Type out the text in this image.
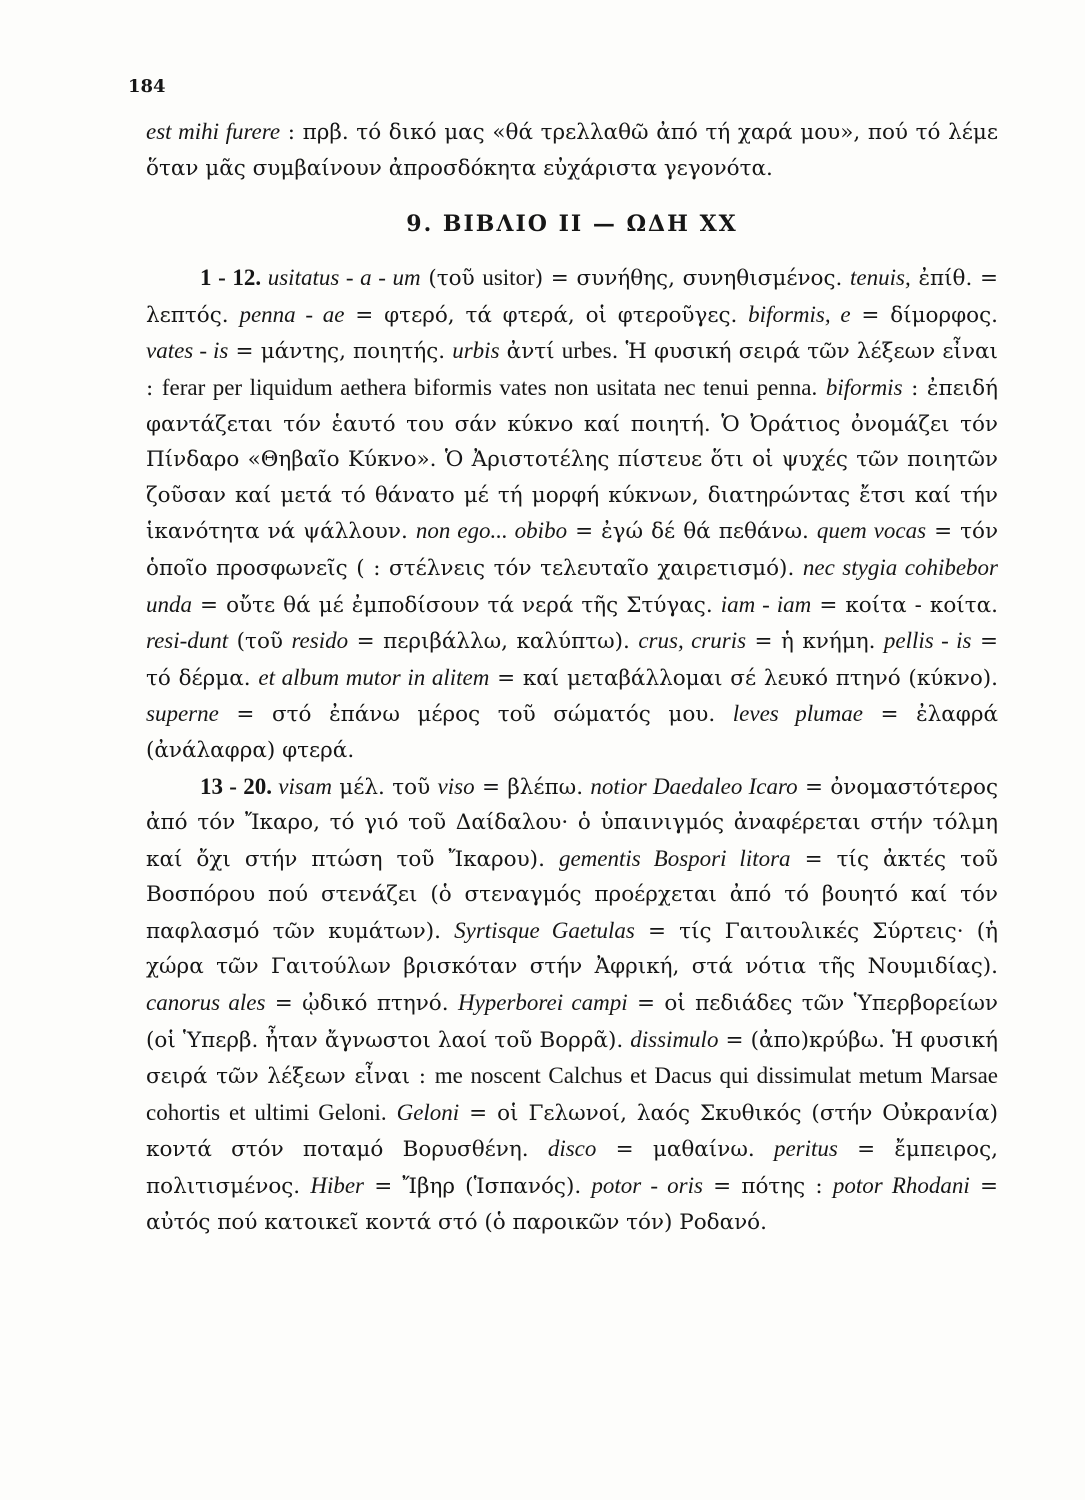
184

est mihi furere : πρβ. τό δικό μας «θά τρελλαθῶ ἀπό τή χαρά μου», πού τό λέμε ὅταν μᾶς συμβαίνουν ἀπροσδόκητα εὐχάριστα γεγονότα.

9. ΒΙΒΛΙΟ ΙΙ — ΩΔΗ ΧΧ

1 - 12. usitatus - a - um (τοῦ usitor) = συνήθης, συνηθισμένος. tenuis, ἐπίθ. = λεπτός. penna - ae = φτερό, τά φτερά, οἱ φτεροῦγες. biformis, e = δίμορφος. vates - is = μάντης, ποιητής. urbis ἀντί urbes. Ἡ φυσική σειρά τῶν λέξεων εἶναι : ferar per liquidum aethera biformis vates non usitata nec tenui penna. biformis : ἐπειδή φαντάζεται τόν ἑαυτό του σάν κύκνο καί ποιητή. Ὁ Ὀράτιος ὀνομάζει τόν Πίνδαρο «Θηβαῖο Κύκνο». Ὁ Ἀριστοτέλης πίστευε ὅτι οἱ ψυχές τῶν ποιητῶν ζοῦσαν καί μετά τό θάνατο μέ τή μορφή κύκνων, διατηρώντας ἔτσι καί τήν ἱκανότητα νά ψάλλουν. non ego... obibo = ἐγώ δέ θά πεθάνω. quem vocas = τόν ὁποῖο προσφωνεῖς ( : στέλνεις τόν τελευταῖο χαιρετισμό). nec stygia cohibebor unda = οὔτε θά μέ ἐμποδίσουν τά νερά τῆς Στύγας. iam - iam = κοίτα - κοίτα. resi-dunt (τοῦ resido = περιβάλλω, καλύπτω). crus, cruris = ἡ κνήμη. pellis - is = τό δέρμα. et album mutor in alitem = καί μεταβάλλομαι σέ λευκό πτηνό (κύκνο). superne = στό ἐπάνω μέρος τοῦ σώματός μου. leves plumae = ἐλαφρά (ἀνάλαφρα) φτερά.

13 - 20. visam μέλ. τοῦ viso = βλέπω. notior Daedaleo Icaro = ὀνομαστότερος ἀπό τόν Ἴκαρο, τό γιό τοῦ Δαίδαλου· ὁ ὑπαινιγμός ἀναφέρεται στήν τόλμη καί ὄχι στήν πτώση τοῦ Ἴκαρου). gementis Bospori litora = τίς ἀκτές τοῦ Βοσπόρου πού στενάζει (ὁ στεναγμός προέρχεται ἀπό τό βουητό καί τόν παφλασμό τῶν κυμάτων). Syrtisque Gaetulas = τίς Γαιτουλικές Σύρτεις· (ἡ χώρα τῶν Γαιτούλων βρισκόταν στήν Ἀφρική, στά νότια τῆς Νουμιδίας). canorus ales = ᾠδικό πτηνό. Hyperborei campi = οἱ πεδιάδες τῶν Ὑπερβορείων (οἱ Ὑπερβ. ἦταν ἄγνωστοι λαοί τοῦ Βορρᾶ). dissimulo = (ἀπο)κρύβω. Ἡ φυσική σειρά τῶν λέξεων εἶναι : me noscent Calchus et Dacus qui dissimulat metum Marsae cohortis et ultimi Geloni. Geloni = οἱ Γελωνοί, λαός Σκυθικός (στήν Οὐκρανία) κοντά στόν ποταμό Βορυσθένη. disco = μαθαίνω. peritus = ἔμπειρος, πολιτισμένος. Hiber = Ἴβηρ (Ἱσπανός). potor - oris = πότης : potor Rhodani = αὐτός πού κατοικεῖ κοντά στό (ὁ παροικῶν τόν) Ροδανό.
